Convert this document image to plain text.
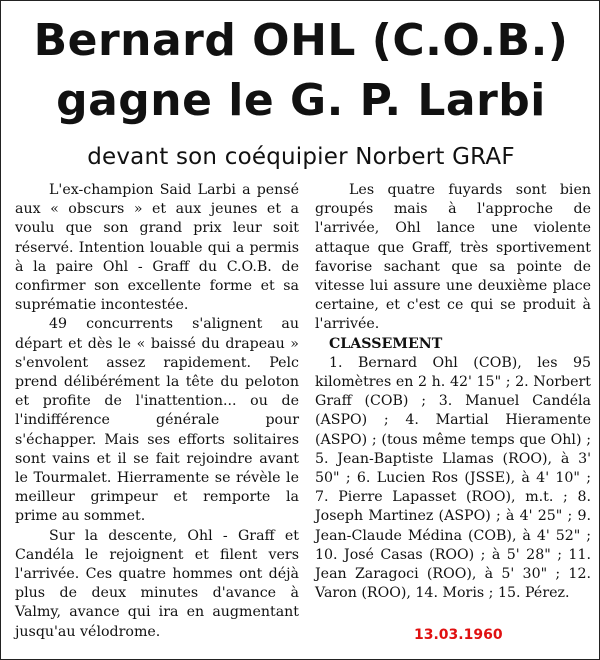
Bernard OHL (C.O.B.)
gagne le G. P. Larbi
devant son coéquipier Norbert GRAF

L'ex-champion Said Larbi a pensé aux « obscurs » et aux jeunes et a voulu que son grand prix leur soit réservé. Intention louable qui a permis à la paire Ohl - Graff du C.O.B. de confirmer son excellente forme et sa suprématie incontestée.

49 concurrents s'alignent au départ et dès le « baissé du drapeau » s'envolent assez rapidement. Pelc prend délibérément la tête du peloton et profite de l'inattention... ou de l'indifférence générale pour s'échapper. Mais ses efforts solitaires sont vains et il se fait rejoindre avant le Tourmalet. Hierramente se révèle le meilleur grimpeur et remporte la prime au sommet.

Sur la descente, Ohl - Graff et Candéla le rejoignent et filent vers l'arrivée. Ces quatre hommes ont déjà plus de deux minutes d'avance à Valmy, avance qui ira en augmentant jusqu'au vélodrome.

Les quatre fuyards sont bien groupés mais à l'approche de l'arrivée, Ohl lance une violente attaque que Graff, très sportivement favorise sachant que sa pointe de vitesse lui assure une deuxième place certaine, et c'est ce qui se produit à l'arrivée.

CLASSEMENT

1. Bernard Ohl (COB), les 95 kilomètres en 2 h. 42' 15" ; 2. Norbert Graff (COB) ; 3. Manuel Candéla (ASPO) ; 4. Martial Hieramente (ASPO) ; (tous même temps que Ohl) ; 5. Jean-Baptiste Llamas (ROO), à 3' 50" ; 6. Lucien Ros (JSSE), à 4' 10" ; 7. Pierre Lapasset (ROO), m.t. ; 8. Joseph Martinez (ASPO) ; à 4' 25" ; 9. Jean-Claude Médina (COB), à 4' 52" ; 10. José Casas (ROO) ; à 5' 28" ; 11. Jean Zaragoci (ROO), à 5' 30" ; 12. Varon (ROO), 14. Moris ; 15. Pérez.

13.03.1960
